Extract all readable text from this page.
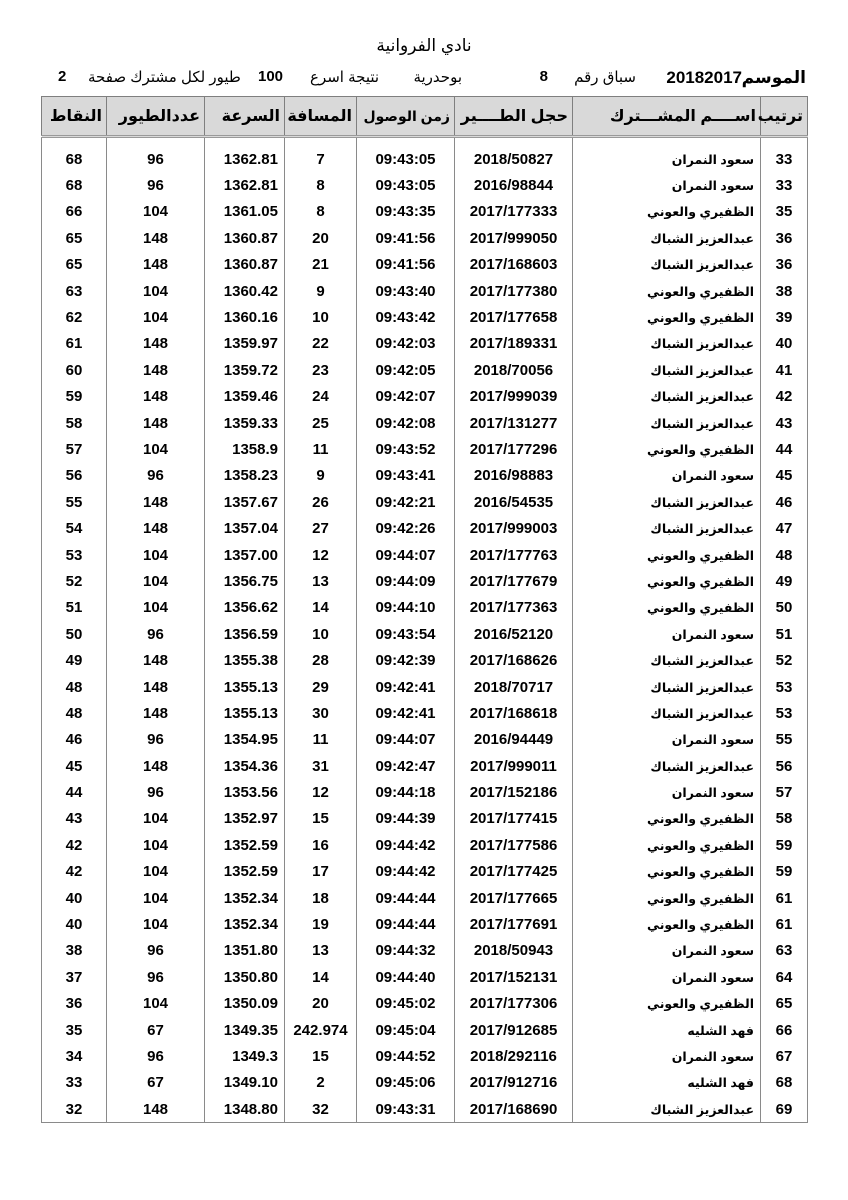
نادي الفروانية
الموسم
20182017
سباق رقم
8
بوحدرية
نتيجة اسرع
100
طيور لكل مشترك صفحة
2
ترتيب	اســــم المشـــترك	حجل الطــــير	زمن الوصول	المسافة	السرعة	عددالطيور	النقاط

33	سعود النمران	2018/50827	09:43:05	7	1362.81	96	68
33	سعود النمران	2016/98844	09:43:05	8	1362.81	96	68
35	الظفيري والعوني	2017/177333	09:43:35	8	1361.05	104	66
36	عبدالعزيز الشباك	2017/999050	09:41:56	20	1360.87	148	65
36	عبدالعزيز الشباك	2017/168603	09:41:56	21	1360.87	148	65
38	الظفيري والعوني	2017/177380	09:43:40	9	1360.42	104	63
39	الظفيري والعوني	2017/177658	09:43:42	10	1360.16	104	62
40	عبدالعزيز الشباك	2017/189331	09:42:03	22	1359.97	148	61
41	عبدالعزيز الشباك	2018/70056	09:42:05	23	1359.72	148	60
42	عبدالعزيز الشباك	2017/999039	09:42:07	24	1359.46	148	59
43	عبدالعزيز الشباك	2017/131277	09:42:08	25	1359.33	148	58
44	الظفيري والعوني	2017/177296	09:43:52	11	1358.9	104	57
45	سعود النمران	2016/98883	09:43:41	9	1358.23	96	56
46	عبدالعزيز الشباك	2016/54535	09:42:21	26	1357.67	148	55
47	عبدالعزيز الشباك	2017/999003	09:42:26	27	1357.04	148	54
48	الظفيري والعوني	2017/177763	09:44:07	12	1357.00	104	53
49	الظفيري والعوني	2017/177679	09:44:09	13	1356.75	104	52
50	الظفيري والعوني	2017/177363	09:44:10	14	1356.62	104	51
51	سعود النمران	2016/52120	09:43:54	10	1356.59	96	50
52	عبدالعزيز الشباك	2017/168626	09:42:39	28	1355.38	148	49
53	عبدالعزيز الشباك	2018/70717	09:42:41	29	1355.13	148	48
53	عبدالعزيز الشباك	2017/168618	09:42:41	30	1355.13	148	48
55	سعود النمران	2016/94449	09:44:07	11	1354.95	96	46
56	عبدالعزيز الشباك	2017/999011	09:42:47	31	1354.36	148	45
57	سعود النمران	2017/152186	09:44:18	12	1353.56	96	44
58	الظفيري والعوني	2017/177415	09:44:39	15	1352.97	104	43
59	الظفيري والعوني	2017/177586	09:44:42	16	1352.59	104	42
59	الظفيري والعوني	2017/177425	09:44:42	17	1352.59	104	42
61	الظفيري والعوني	2017/177665	09:44:44	18	1352.34	104	40
61	الظفيري والعوني	2017/177691	09:44:44	19	1352.34	104	40
63	سعود النمران	2018/50943	09:44:32	13	1351.80	96	38
64	سعود النمران	2017/152131	09:44:40	14	1350.80	96	37
65	الظفيري والعوني	2017/177306	09:45:02	20	1350.09	104	36
66	فهد الشليه	2017/912685	09:45:04	242.974	1349.35	67	35
67	سعود النمران	2018/292116	09:44:52	15	1349.3	96	34
68	فهد الشليه	2017/912716	09:45:06	2	1349.10	67	33
69	عبدالعزيز الشباك	2017/168690	09:43:31	32	1348.80	148	32
